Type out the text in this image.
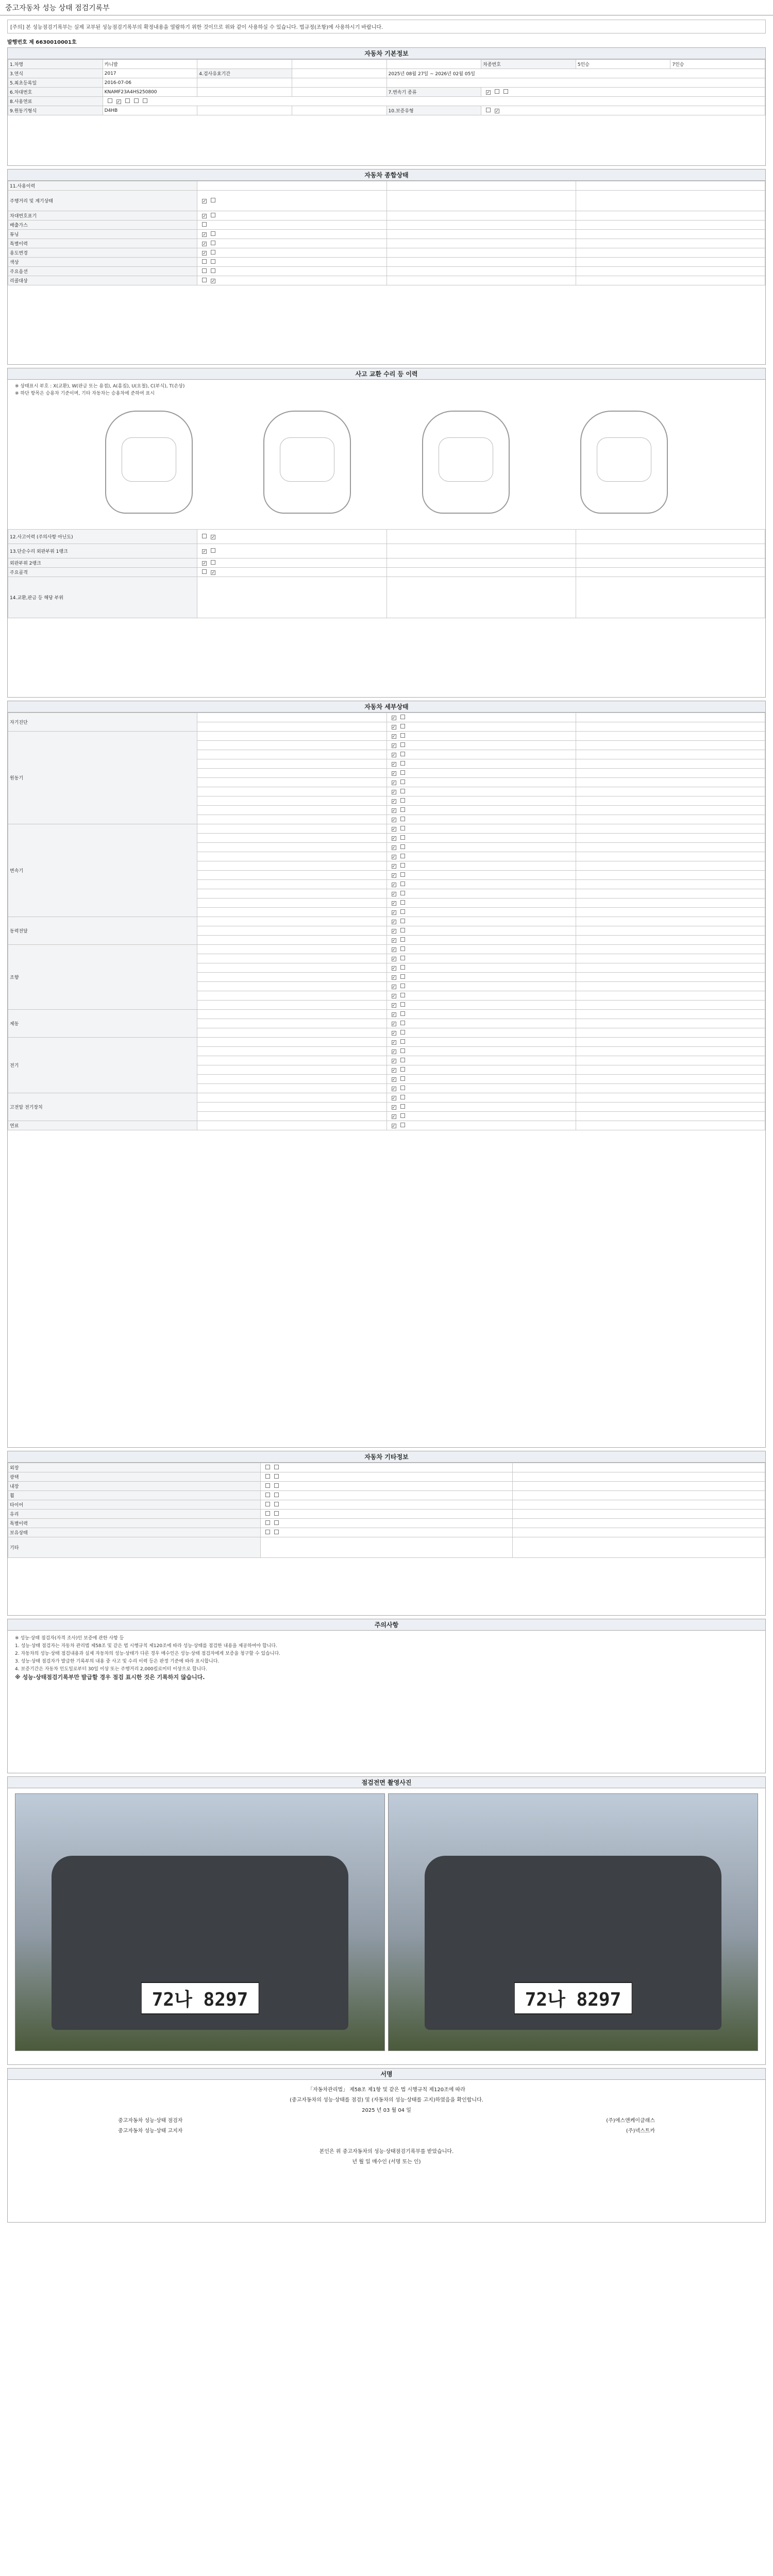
중고자동차 성능 상태 점검기록부
[주의] 본 성능점검기록부는 실제 교부된 성능점검기록부의 확정내용을 열람하기 위한 것이므로 위와 같이 사용하실 수 있습니다. 법규정(조항)에 사용하시기 바랍니다.
발행번호 제 6630010001호
자동차 기본정보
1.차명	카니발				차종번호	5인승	7인승
3.연식	2017	4.검사유효기간		2025년 08월 27일 ~ 2026년 02월 05일			
5.최초등록일	2016-07-06						
6.차대번호	KNAMF23A4HS250800			7.변속기 종류	✓
8.사용연료	✓
9.원동기형식	D4HB			10.보증유형	✓
자동차 종합상태
11.사용이력			
주행거리 및 계기상태	✓		
차대번호표기	✓		
배출가스			
튜닝	✓		
특별이력	✓		
용도변경	✓		
색상			
주요옵션			
리콜대상	✓		
사고 교환 수리 등 이력
※ 상태표시 부호 : X(교환), W(판금 또는 용접), A(흠집), U(요철), C(부식), T(손상)
※ 하단 항목은 승용차 기준이며, 기타 자동차는 승용차에 준하여 표시
12.사고이력 (주의사항 아닌도)	✓		
13.단순수리 외판부위 1랭크	✓		
외판부위 2랭크	✓		
주요골격	✓		
14.교환,판금 등 해당 부위			
자동차 세부상태
자기진단		✓	
	✓	
원동기		✓	
	✓	
	✓	
	✓	
	✓	
	✓	
	✓	
	✓	
	✓	
	✓	
변속기		✓	
	✓	
	✓	
	✓	
	✓	
	✓	
	✓	
	✓	
	✓	
	✓	
동력전달		✓	
	✓	
	✓	
조향		✓	
	✓	
	✓	
	✓	
	✓	
	✓	
	✓	
제동		✓	
	✓	
	✓	
전기		✓	
	✓	
	✓	
	✓	
	✓	
	✓	
고전압 전기장치		✓	
	✓	
	✓	
연료		✓	
자동차 기타정보
외장		
광택		
내장		
휠		
타이어		
유리		
특별이력		
보유상태		
기타		
주의사항
※ 성능·상태 점검자(자격 조사)인 보증에 관한 사항 등
1. 성능·상태 점검자는 자동차 관리법 제58조 및 같은 법 시행규칙 제120조에 따라 성능·상태를 점검한 내용을 제공하여야 합니다.
2. 자동차의 성능·상태 점검내용과 실제 자동차의 성능·상태가 다른 경우 매수인은 성능·상태 점검자에게 보증을 청구할 수 있습니다.
3. 성능·상태 점검자가 발급한 기록부의 내용 중 사고 및 수리 이력 등은 판정 기준에 따라 표시합니다.
4. 보증기간은 자동차 인도일로부터 30일 이상 또는 주행거리 2,000킬로미터 이상으로 합니다.
※ 성능·상태점검기록부만 발급할 경우 점검 표시한 것은 기록하지 않습니다.
점검전면 촬영사진
72나 8297	72나 8297
서명
「자동차관리법」 제58조 제1항 및 같은 법 시행규칙 제120조에 따라
(중고자동차의 성능·상태를 점검) 및 (자동차의 성능·상태를 고지)하였음을 확인합니다.
2025 년 03 월 04 일
중고자동차 성능·상태 점검자	(주)에스앤케이클래스
중고자동차 성능·상태 고지자	(주)넥스트카
본인은 위 중고자동차의 성능·상태점검기록부를 받았습니다.
년 월 일 매수인 (서명 또는 인)
